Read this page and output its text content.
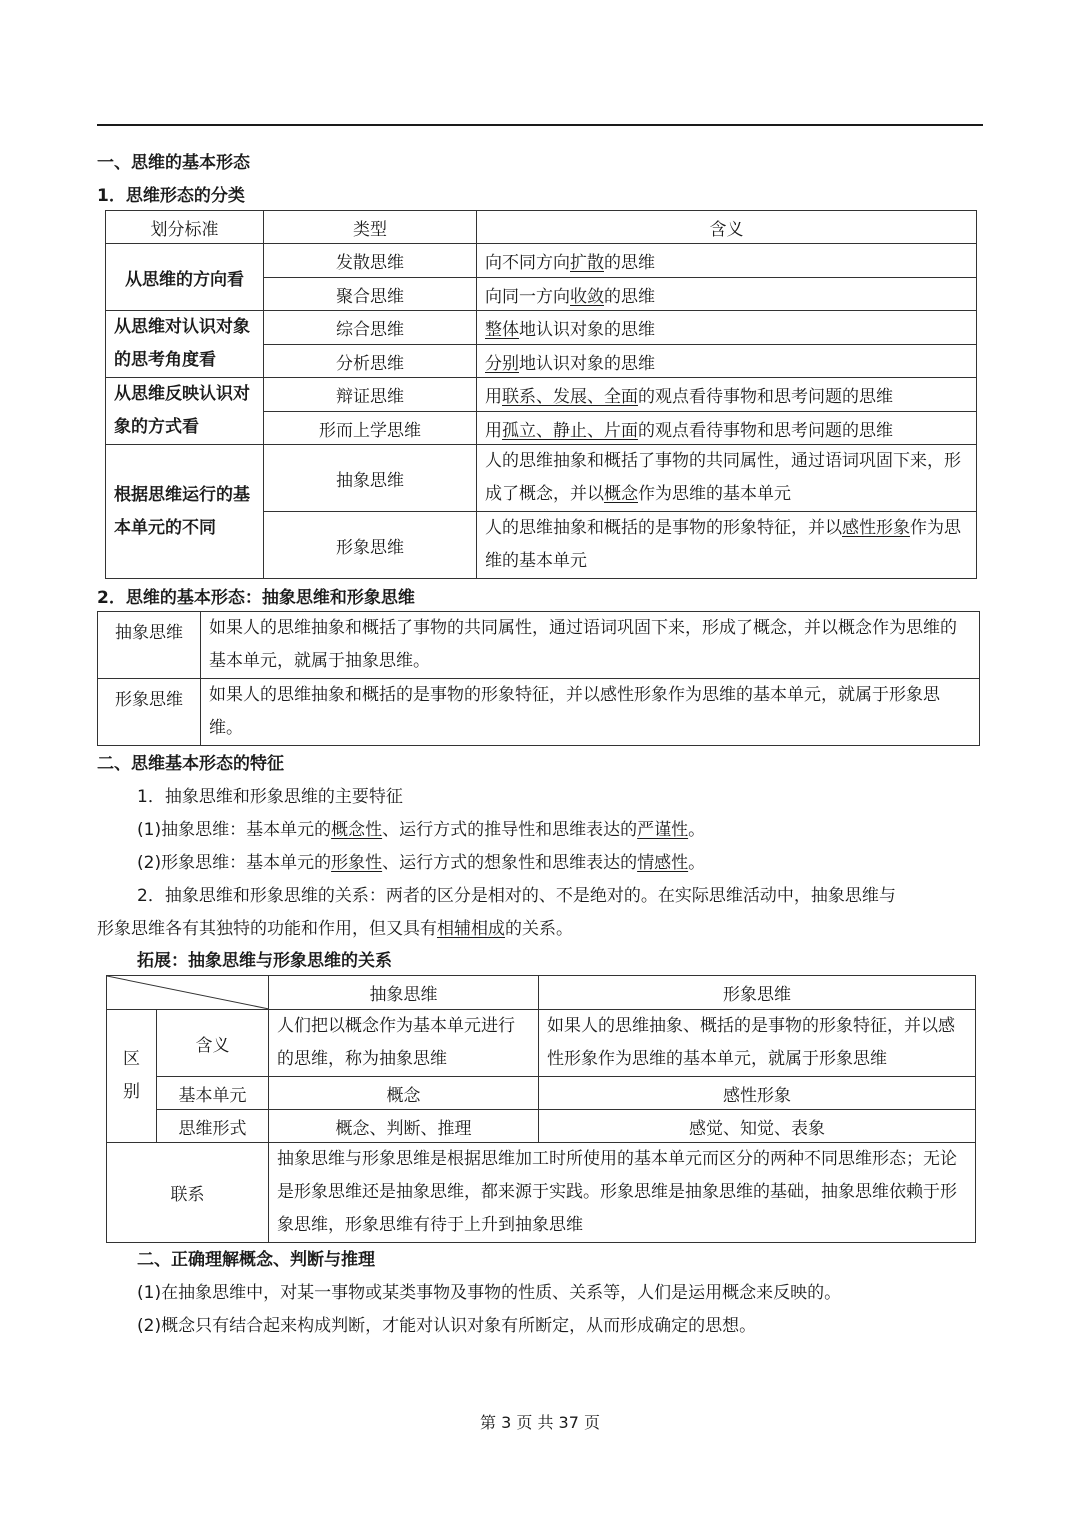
一、思维的基本形态
1．思维形态的分类
划分标准	类型	含义
从思维的方向看	发散思维	向不同方向扩散的思维
	聚合思维	向同一方向收敛的思维
从思维对认识对象的思考角度看	综合思维	整体地认识对象的思维
	分析思维	分别地认识对象的思维
从思维反映认识对象的方式看	辩证思维	用联系、发展、全面的观点看待事物和思考问题的思维
	形而上学思维	用孤立、静止、片面的观点看待事物和思考问题的思维
根据思维运行的基本单元的不同	抽象思维	人的思维抽象和概括了事物的共同属性，通过语词巩固下来，形成了概念，并以概念作为思维的基本单元
	形象思维	人的思维抽象和概括的是事物的形象特征，并以感性形象作为思维的基本单元
2．思维的基本形态：抽象思维和形象思维
抽象思维	如果人的思维抽象和概括了事物的共同属性，通过语词巩固下来，形成了概念，并以概念作为思维的基本单元，就属于抽象思维。
形象思维	如果人的思维抽象和概括的是事物的形象特征，并以感性形象作为思维的基本单元，就属于形象思维。
二、思维基本形态的特征
1．抽象思维和形象思维的主要特征
(1)抽象思维：基本单元的概念性、运行方式的推导性和思维表达的严谨性。
(2)形象思维：基本单元的形象性、运行方式的想象性和思维表达的情感性。
2．抽象思维和形象思维的关系：两者的区分是相对的、不是绝对的。在实际思维活动中，抽象思维与
形象思维各有其独特的功能和作用，但又具有相辅相成的关系。
拓展：抽象思维与形象思维的关系
	抽象思维	形象思维

区别	含义	人们把以概念作为基本单元进行的思维，称为抽象思维	如果人的思维抽象、概括的是事物的形象特征，并以感性形象作为思维的基本单元，就属于形象思维
	基本单元	概念	感性形象
	思维形式	概念、判断、推理	感觉、知觉、表象
联系		抽象思维与形象思维是根据思维加工时所使用的基本单元而区分的两种不同思维形态；无论是形象思维还是抽象思维，都来源于实践。形象思维是抽象思维的基础，抽象思维依赖于形象思维，形象思维有待于上升到抽象思维	
二、正确理解概念、判断与推理
(1)在抽象思维中，对某一事物或某类事物及事物的性质、关系等，人们是运用概念来反映的。
(2)概念只有结合起来构成判断，才能对认识对象有所断定，从而形成确定的思想。
第 3 页 共 37 页
